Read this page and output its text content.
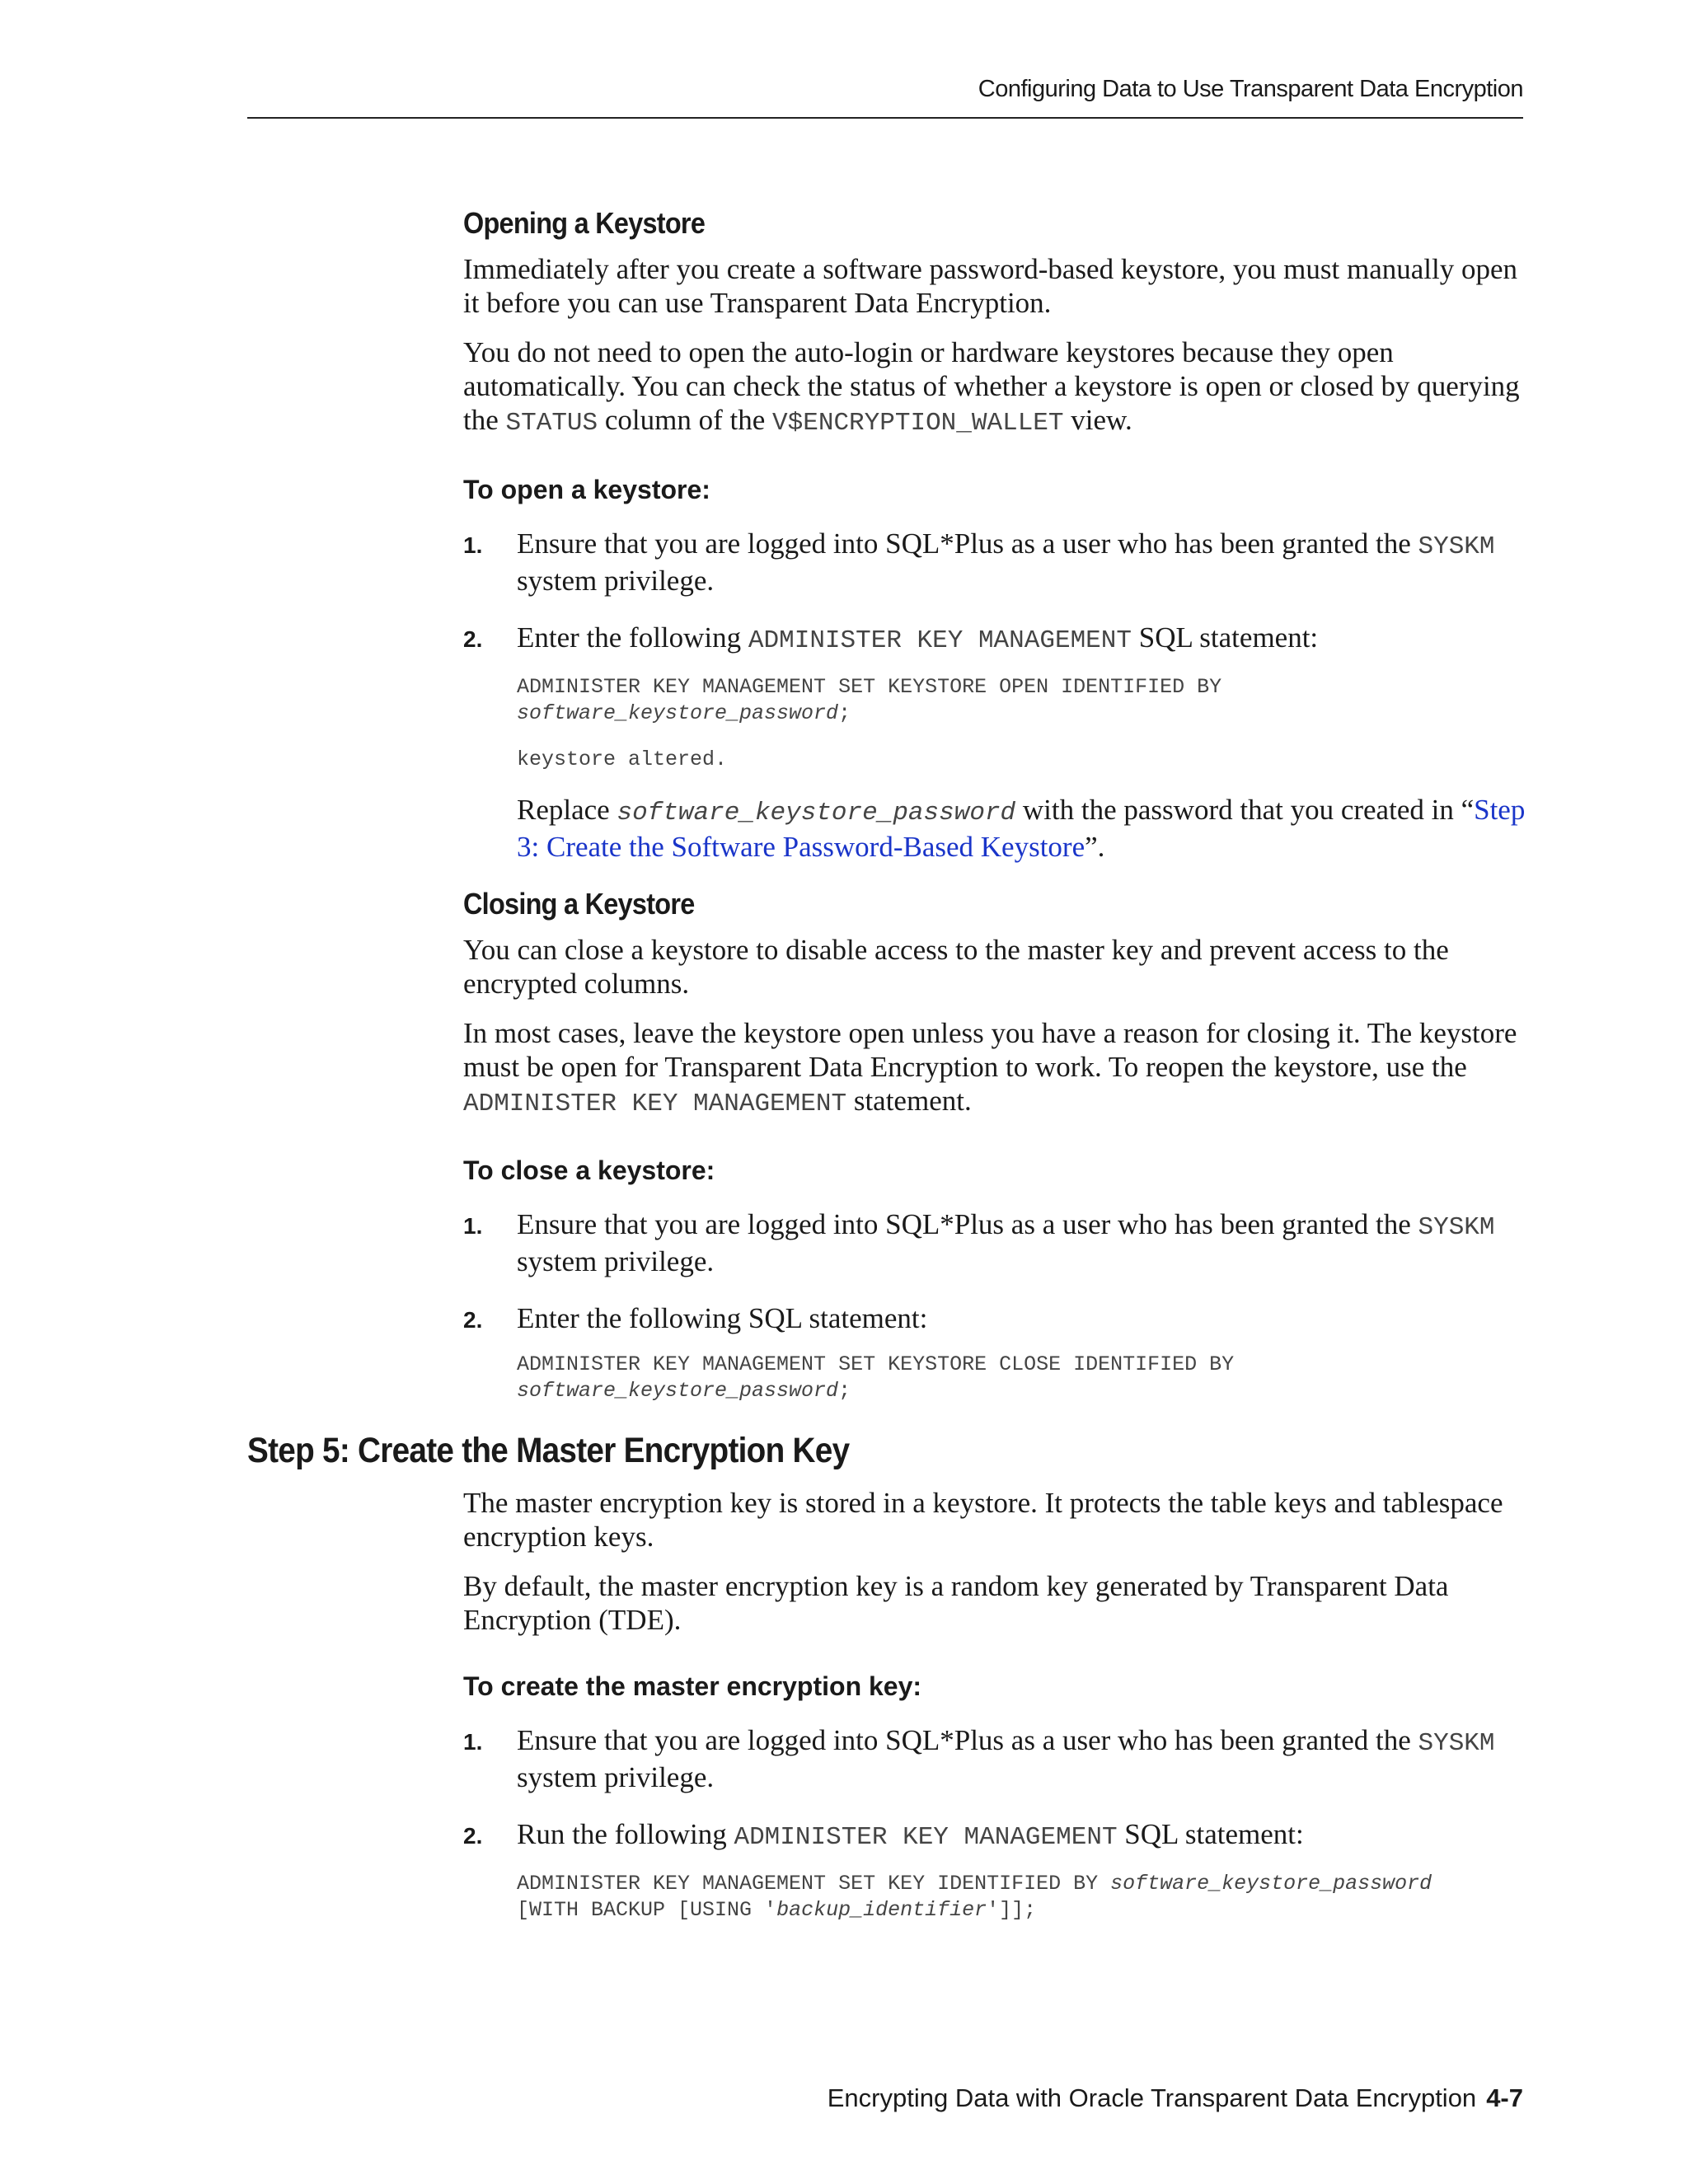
Configuring Data to Use Transparent Data Encryption
Opening a Keystore

Immediately after you create a software password-based keystore, you must manually open it before you can use Transparent Data Encryption.

You do not need to open the auto-login or hardware keystores because they open automatically. You can check the status of whether a keystore is open or closed by querying the STATUS column of the V$ENCRYPTION_WALLET view.

To open a keystore:
1. Ensure that you are logged into SQL*Plus as a user who has been granted the SYSKM system privilege.
2. Enter the following ADMINISTER KEY MANAGEMENT SQL statement:
ADMINISTER KEY MANAGEMENT SET KEYSTORE OPEN IDENTIFIED BY
software_keystore_password;
keystore altered.

Replace software_keystore_password with the password that you created in “Step 3: Create the Software Password-Based Keystore”.

Closing a Keystore

You can close a keystore to disable access to the master key and prevent access to the encrypted columns.

In most cases, leave the keystore open unless you have a reason for closing it. The keystore must be open for Transparent Data Encryption to work. To reopen the keystore, use the ADMINISTER KEY MANAGEMENT statement.

To close a keystore:
1. Ensure that you are logged into SQL*Plus as a user who has been granted the SYSKM system privilege.
2. Enter the following SQL statement:
ADMINISTER KEY MANAGEMENT SET KEYSTORE CLOSE IDENTIFIED BY
software_keystore_password;
Step 5: Create the Master Encryption Key

The master encryption key is stored in a keystore. It protects the table keys and tablespace encryption keys.

By default, the master encryption key is a random key generated by Transparent Data Encryption (TDE).

To create the master encryption key:
1. Ensure that you are logged into SQL*Plus as a user who has been granted the SYSKM system privilege.
2. Run the following ADMINISTER KEY MANAGEMENT SQL statement:
ADMINISTER KEY MANAGEMENT SET KEY IDENTIFIED BY software_keystore_password
[WITH BACKUP [USING 'backup_identifier']];
Encrypting Data with Oracle Transparent Data Encryption 4-7
